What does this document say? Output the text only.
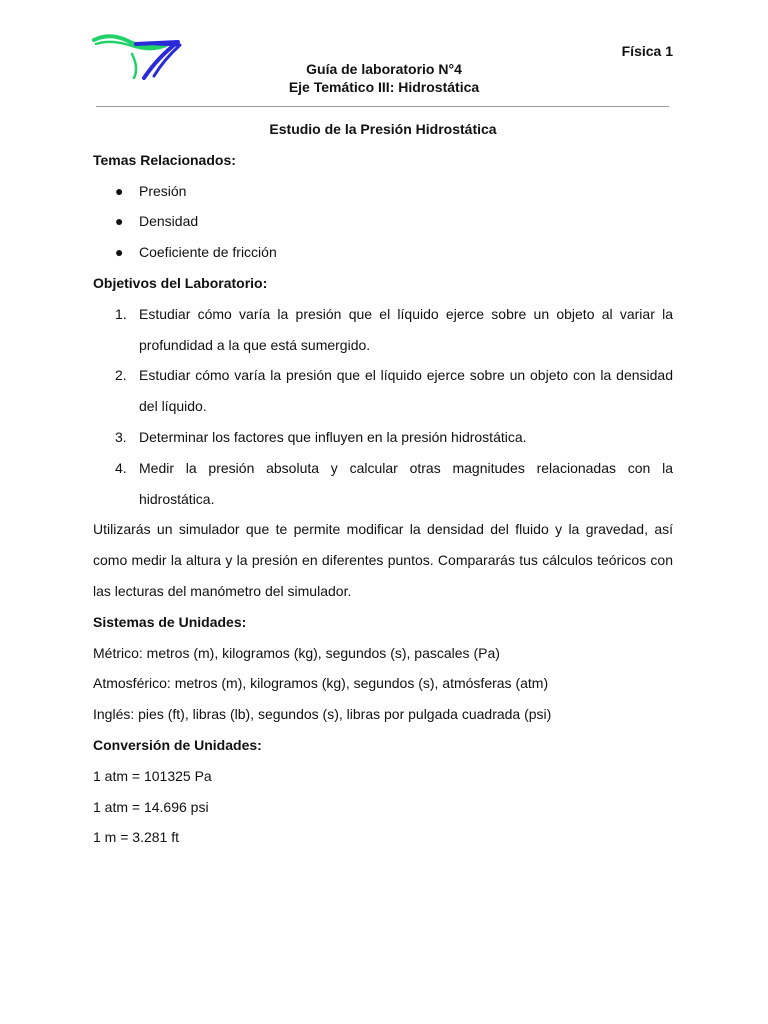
Física 1
Guía de laboratorio N°4
Eje Temático III: Hidrostática
Estudio de la Presión Hidrostática
Temas Relacionados:
● Presión
● Densidad
● Coeficiente de fricción
Objetivos del Laboratorio:
1. Estudiar cómo varía la presión que el líquido ejerce sobre un objeto al variar la profundidad a la que está sumergido.
2. Estudiar cómo varía la presión que el líquido ejerce sobre un objeto con la densidad del líquido.
3. Determinar los factores que influyen en la presión hidrostática.
4. Medir la presión absoluta y calcular otras magnitudes relacionadas con la hidrostática.

Utilizarás un simulador que te permite modificar la densidad del fluido y la gravedad, así como medir la altura y la presión en diferentes puntos. Compararás tus cálculos teóricos con las lecturas del manómetro del simulador.

Sistemas de Unidades:

Métrico: metros (m), kilogramos (kg), segundos (s), pascales (Pa)

Atmosférico: metros (m), kilogramos (kg), segundos (s), atmósferas (atm)

Inglés: pies (ft), libras (lb), segundos (s), libras por pulgada cuadrada (psi)

Conversión de Unidades:

1 atm = 101325 Pa

1 atm = 14.696 psi

1 m = 3.281 ft
